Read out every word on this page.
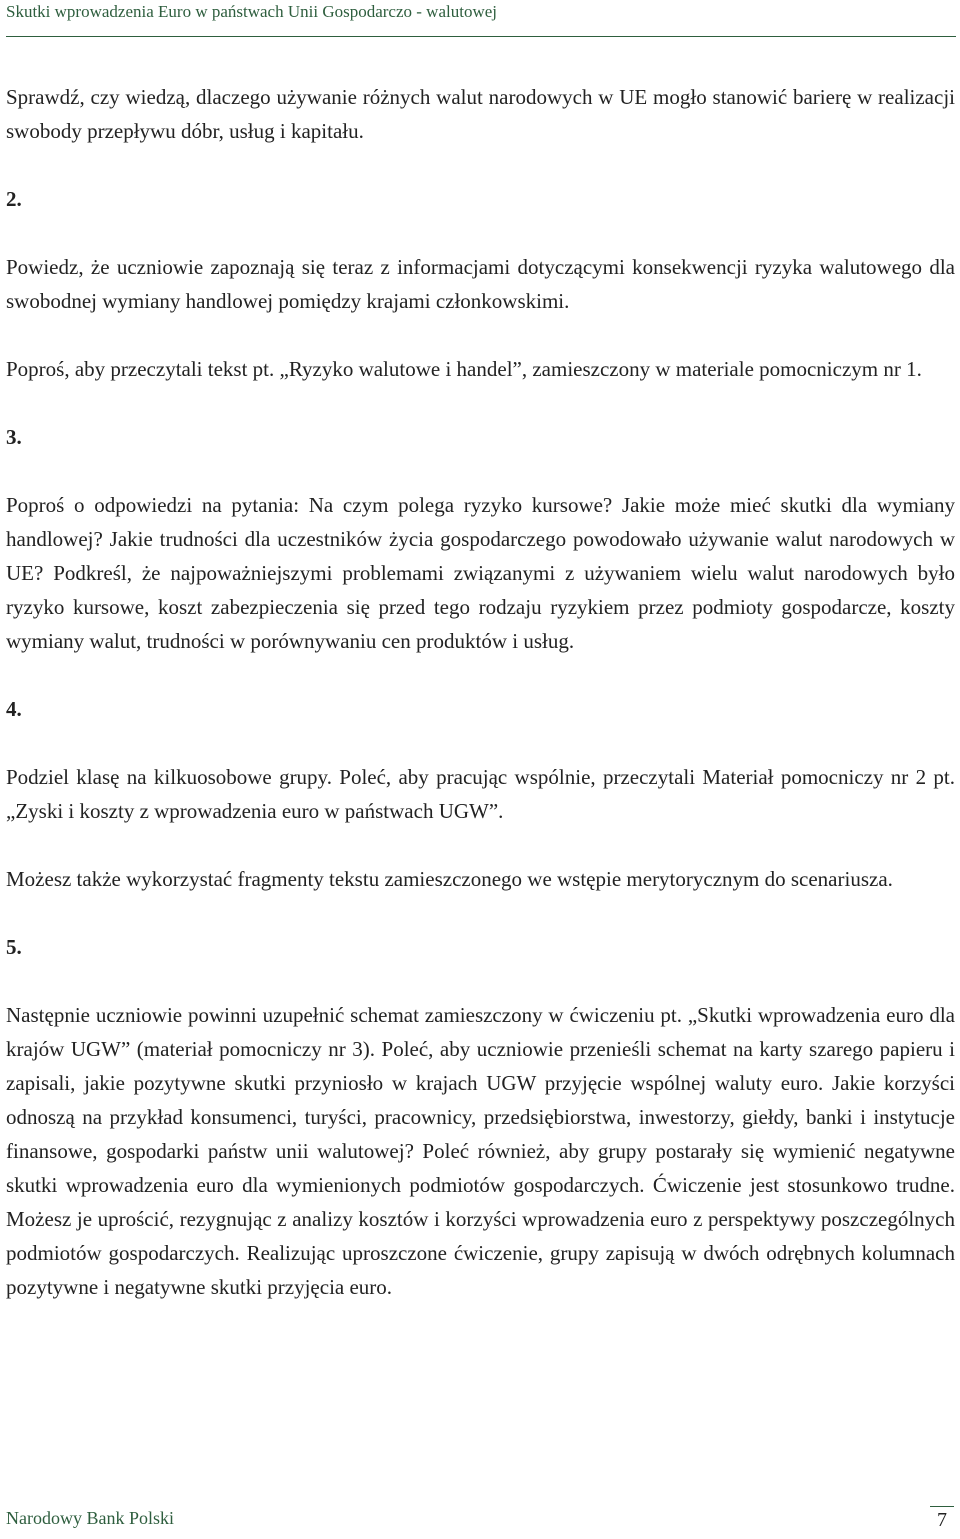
Skutki wprowadzenia Euro w państwach Unii Gospodarczo - walutowej

Sprawdź, czy wiedzą, dlaczego używanie różnych walut narodowych w UE mogło stanowić barierę w realizacji swobody przepływu dóbr, usług i kapitału.

2.

Powiedz, że uczniowie zapoznają się teraz z informacjami dotyczącymi konsekwencji ryzyka walutowego dla swobodnej wymiany handlowej pomiędzy krajami członkowskimi.

Poproś, aby przeczytali tekst pt. „Ryzyko walutowe i handel”, zamieszczony w materiale pomocniczym nr 1.

3.

Poproś o odpowiedzi na pytania: Na czym polega ryzyko kursowe? Jakie może mieć skutki dla wymiany handlowej? Jakie trudności dla uczestników życia gospodarczego powodowało używanie walut narodowych w UE? Podkreśl, że najpoważniejszymi problemami związanymi z używaniem wielu walut narodowych było ryzyko kursowe, koszt zabezpieczenia się przed tego rodzaju ryzykiem przez podmioty gospodarcze, koszty wymiany walut, trudności w porównywaniu cen produktów i usług.

4.

Podziel klasę na kilkuosobowe grupy. Poleć, aby pracując wspólnie, przeczytali Materiał pomocniczy nr 2 pt. „Zyski i koszty z wprowadzenia euro w państwach UGW”.

Możesz także wykorzystać fragmenty tekstu zamieszczonego we wstępie merytorycznym do scenariusza.

5.

Następnie uczniowie powinni uzupełnić schemat zamieszczony w ćwiczeniu pt. „Skutki wprowadzenia euro dla krajów UGW” (materiał pomocniczy nr 3). Poleć, aby uczniowie przenieśli schemat na karty szarego papieru i zapisali, jakie pozytywne skutki przyniosło w krajach UGW przyjęcie wspólnej waluty euro. Jakie korzyści odnoszą na przykład konsumenci, turyści, pracownicy, przedsiębiorstwa, inwestorzy, giełdy, banki i instytucje finansowe, gospodarki państw unii walutowej? Poleć również, aby grupy postarały się wymienić negatywne skutki wprowadzenia euro dla wymienionych podmiotów gospodarczych. Ćwiczenie jest stosunkowo trudne. Możesz je uprościć, rezygnując z analizy kosztów i korzyści wprowadzenia euro z perspektywy poszczególnych podmiotów gospodarczych. Realizując uproszczone ćwiczenie, grupy zapisują w dwóch odrębnych kolumnach pozytywne i negatywne skutki przyjęcia euro.

Narodowy Bank Polski	7
